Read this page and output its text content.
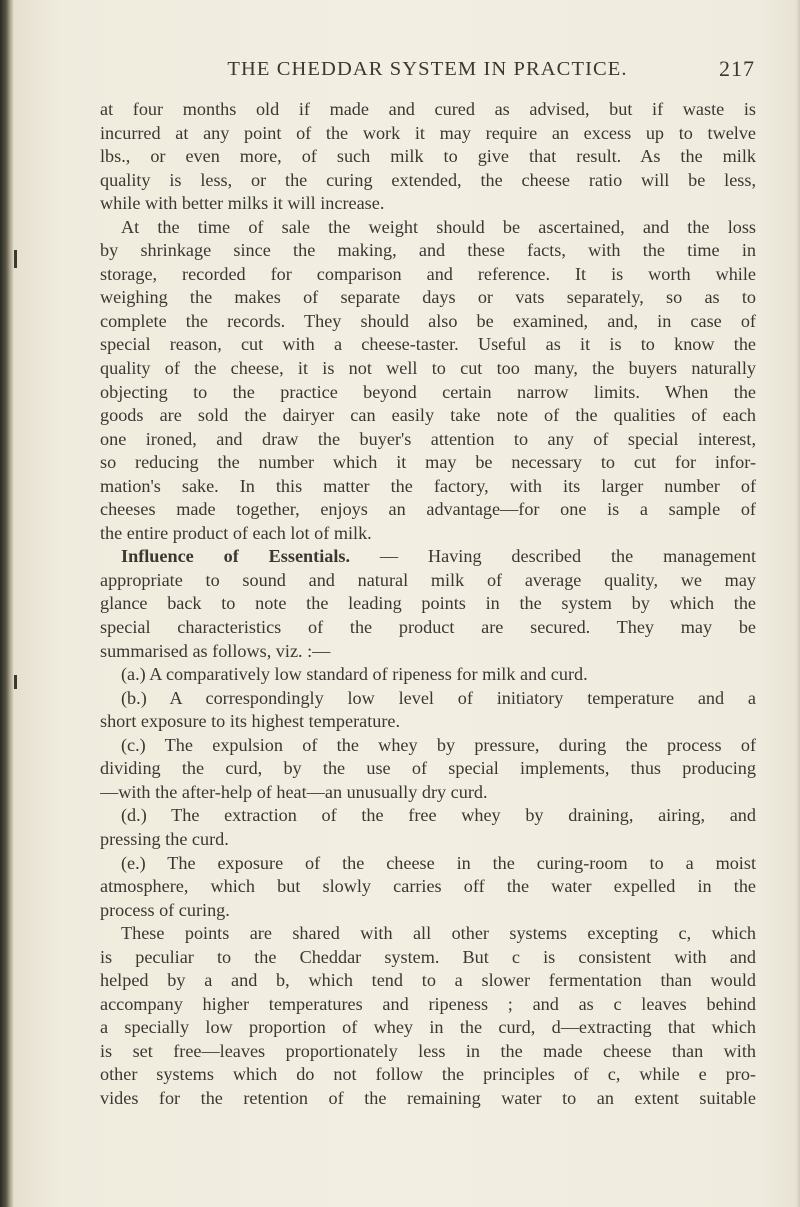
THE CHEDDAR SYSTEM IN PRACTICE.	217
at four months old if made and cured as advised, but if waste is
incurred at any point of the work it may require an excess up to twelve
lbs., or even more, of such milk to give that result. As the milk
quality is less, or the curing extended, the cheese ratio will be less,
while with better milks it will increase.
At the time of sale the weight should be ascertained, and the loss
by shrinkage since the making, and these facts, with the time in
storage, recorded for comparison and reference. It is worth while
weighing the makes of separate days or vats separately, so as to
complete the records. They should also be examined, and, in case of
special reason, cut with a cheese-taster. Useful as it is to know the
quality of the cheese, it is not well to cut too many, the buyers naturally
objecting to the practice beyond certain narrow limits. When the
goods are sold the dairyer can easily take note of the qualities of each
one ironed, and draw the buyer's attention to any of special interest,
so reducing the number which it may be necessary to cut for infor-
mation's sake. In this matter the factory, with its larger number of
cheeses made together, enjoys an advantage—for one is a sample of
the entire product of each lot of milk.
Influence of Essentials. — Having described the management
appropriate to sound and natural milk of average quality, we may
glance back to note the leading points in the system by which the
special characteristics of the product are secured. They may be
summarised as follows, viz. :—
(a.) A comparatively low standard of ripeness for milk and curd.
(b.) A correspondingly low level of initiatory temperature and a
short exposure to its highest temperature.
(c.) The expulsion of the whey by pressure, during the process of
dividing the curd, by the use of special implements, thus producing
—with the after-help of heat—an unusually dry curd.
(d.) The extraction of the free whey by draining, airing, and
pressing the curd.
(e.) The exposure of the cheese in the curing-room to a moist
atmosphere, which but slowly carries off the water expelled in the
process of curing.
These points are shared with all other systems excepting c, which
is peculiar to the Cheddar system. But c is consistent with and
helped by a and b, which tend to a slower fermentation than would
accompany higher temperatures and ripeness ; and as c leaves behind
a specially low proportion of whey in the curd, d—extracting that which
is set free—leaves proportionately less in the made cheese than with
other systems which do not follow the principles of c, while e pro-
vides for the retention of the remaining water to an extent suitable
